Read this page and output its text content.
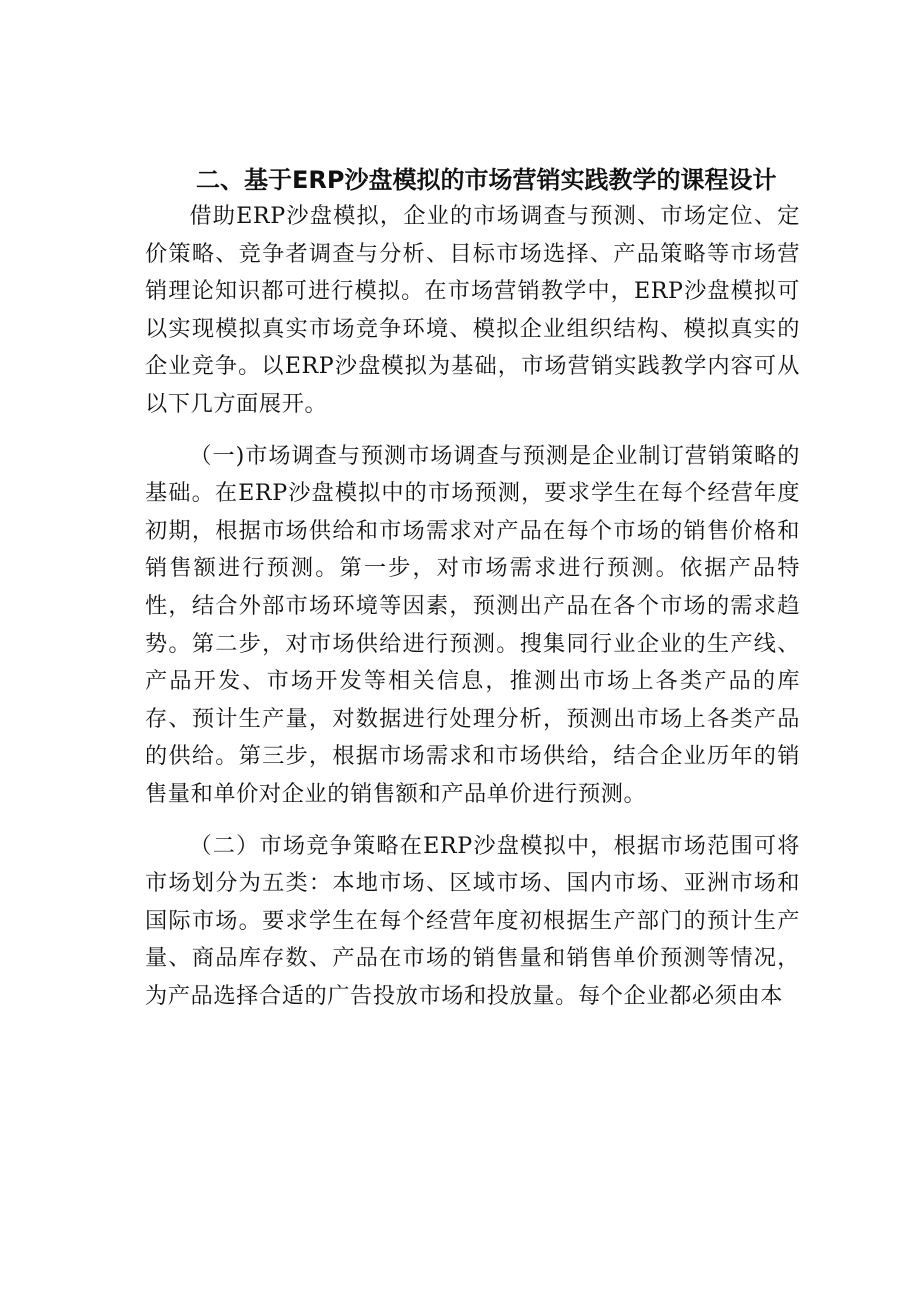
二、基于ERP沙盘模拟的市场营销实践教学的课程设计

借助ERP沙盘模拟，企业的市场调查与预测、市场定位、定价策略、竞争者调查与分析、目标市场选择、产品策略等市场营销理论知识都可进行模拟。在市场营销教学中，ERP沙盘模拟可以实现模拟真实市场竞争环境、模拟企业组织结构、模拟真实的企业竞争。以ERP沙盘模拟为基础，市场营销实践教学内容可从以下几方面展开。

（一)市场调查与预测市场调查与预测是企业制订营销策略的基础。在ERP沙盘模拟中的市场预测，要求学生在每个经营年度初期，根据市场供给和市场需求对产品在每个市场的销售价格和销售额进行预测。第一步，对市场需求进行预测。依据产品特性，结合外部市场环境等因素，预测出产品在各个市场的需求趋势。第二步，对市场供给进行预测。搜集同行业企业的生产线、产品开发、市场开发等相关信息，推测出市场上各类产品的库存、预计生产量，对数据进行处理分析，预测出市场上各类产品的供给。第三步，根据市场需求和市场供给，结合企业历年的销售量和单价对企业的销售额和产品单价进行预测。

（二）市场竞争策略在ERP沙盘模拟中，根据市场范围可将市场划分为五类：本地市场、区域市场、国内市场、亚洲市场和国际市场。要求学生在每个经营年度初根据生产部门的预计生产量、商品库存数、产品在市场的销售量和销售单价预测等情况，为产品选择合适的广告投放市场和投放量。每个企业都必须由本
